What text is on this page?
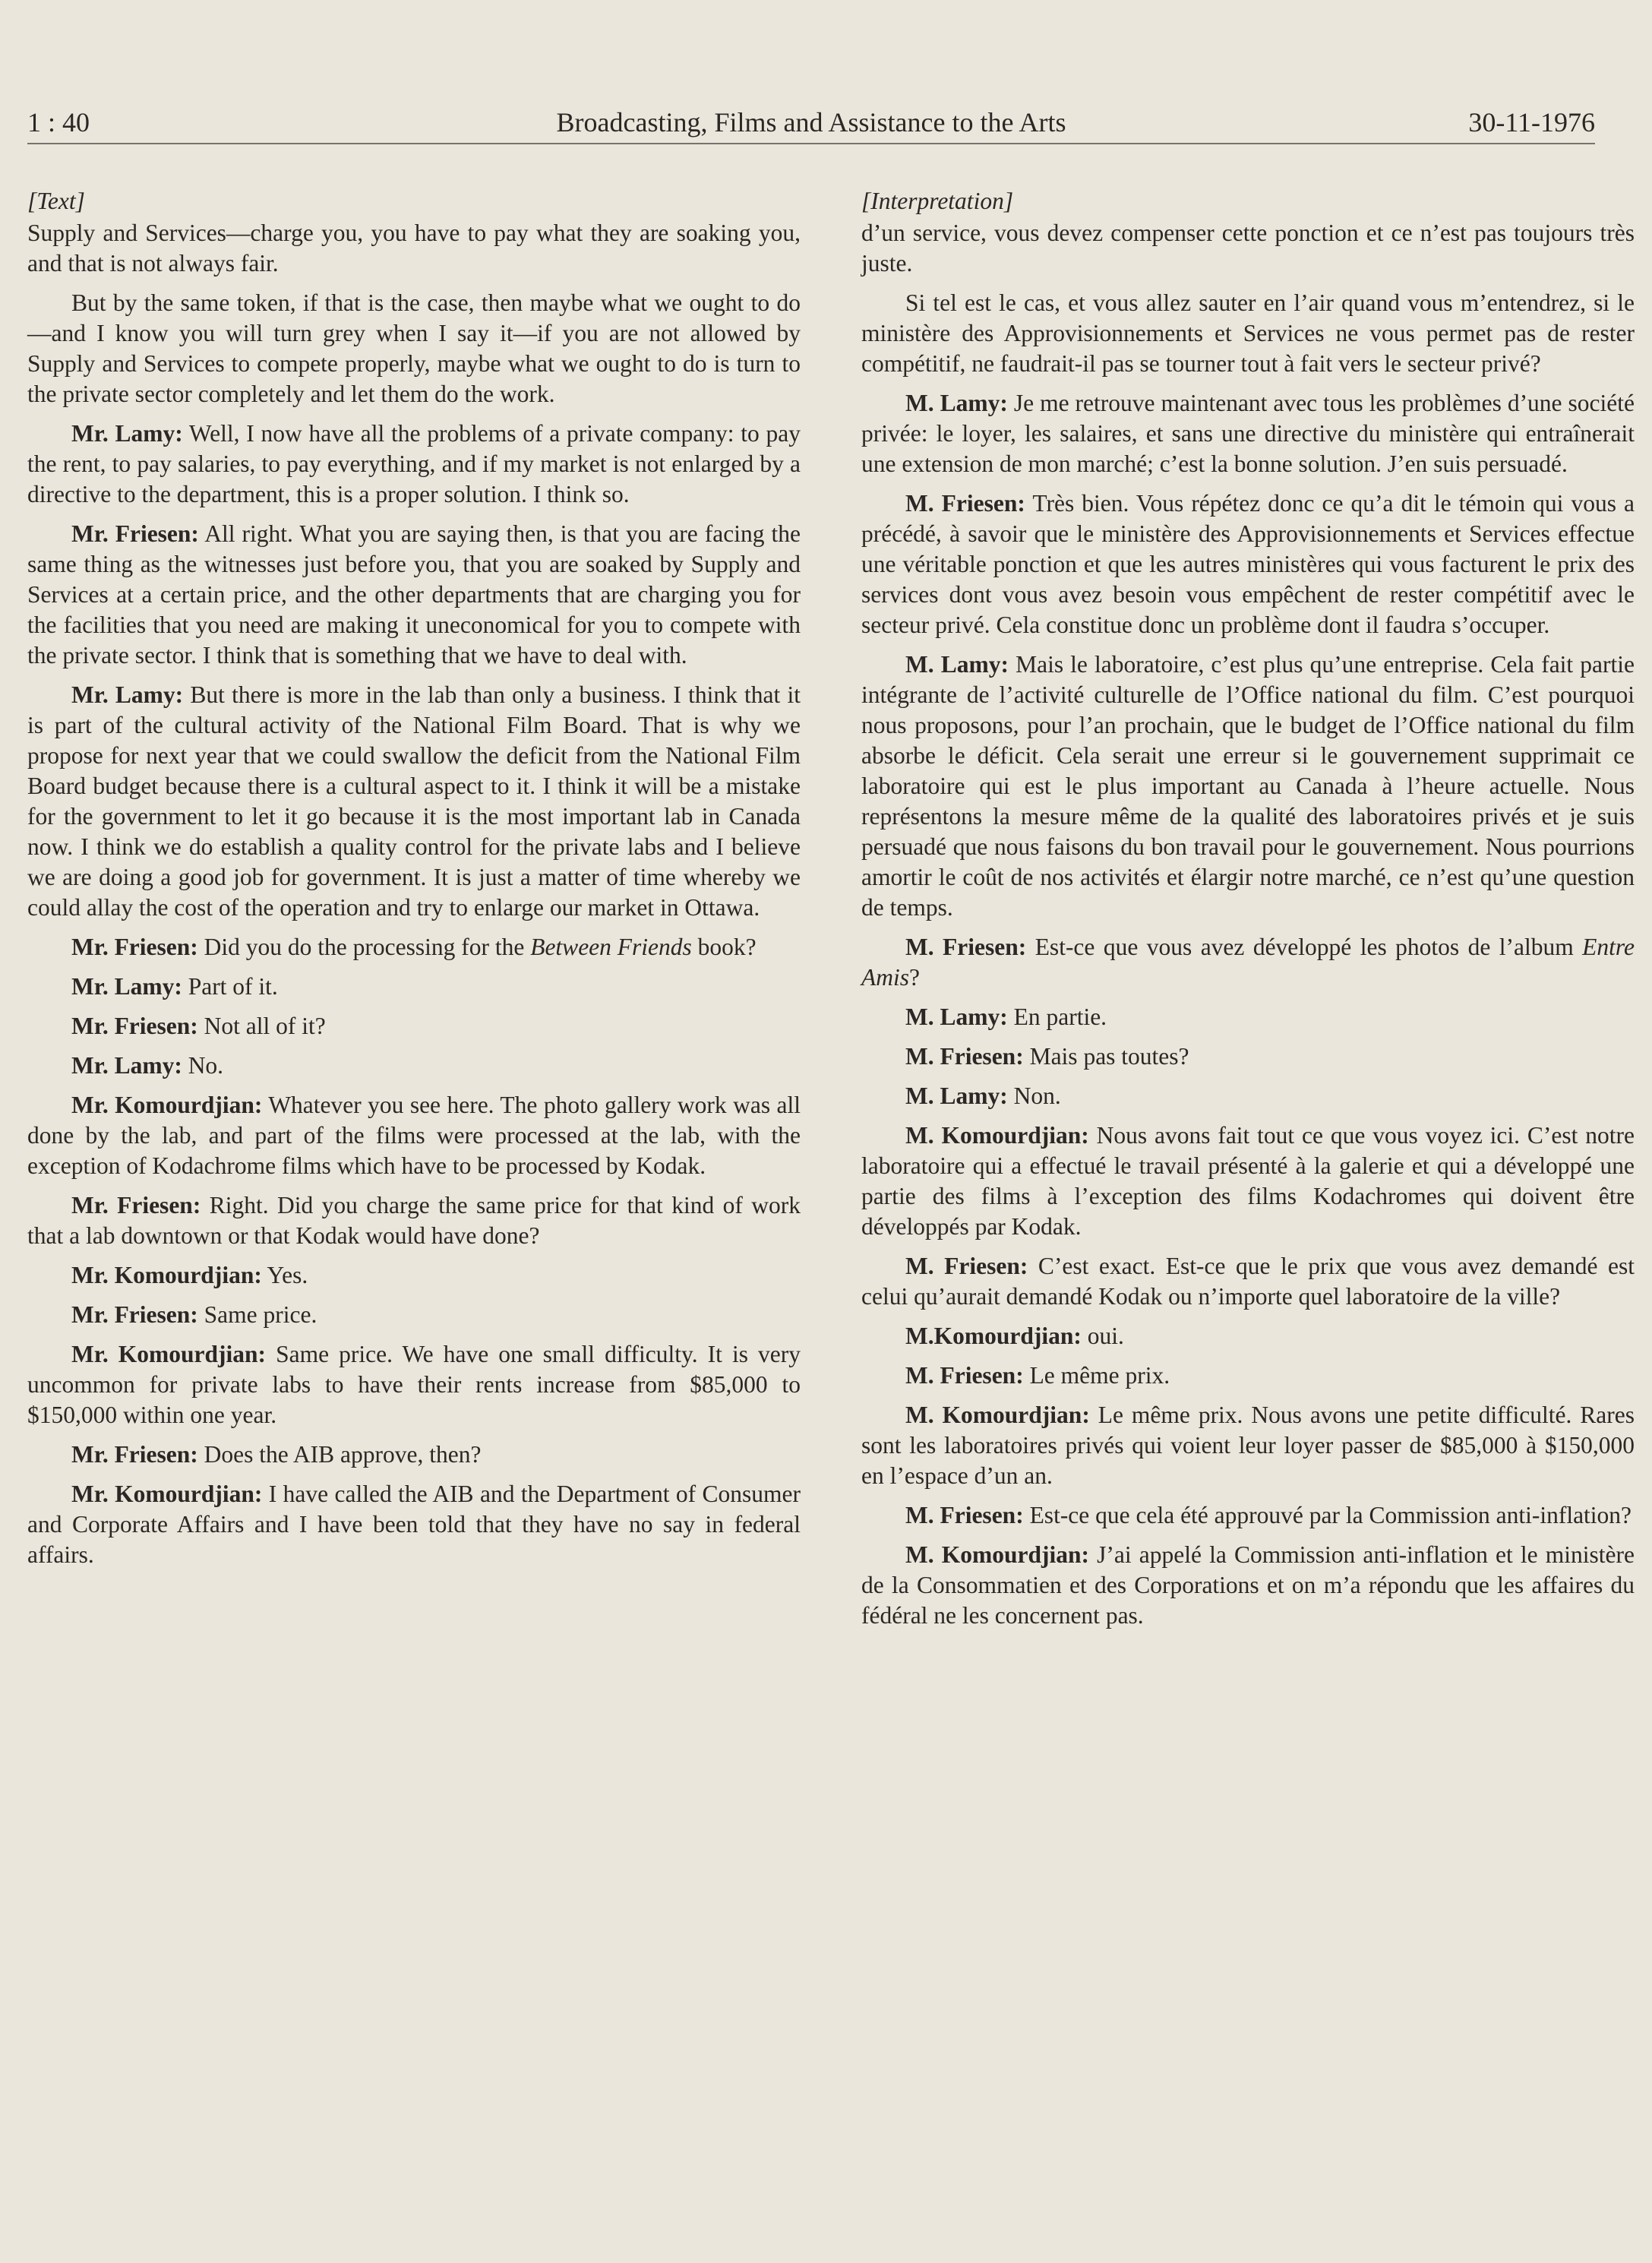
1 : 40	Broadcasting, Films and Assistance to the Arts	30-11-1976

[Text]

Supply and Services—charge you, you have to pay what they are soaking you, and that is not always fair.

But by the same token, if that is the case, then maybe what we ought to do—and I know you will turn grey when I say it—if you are not allowed by Supply and Services to compete properly, maybe what we ought to do is turn to the private sector completely and let them do the work.

Mr. Lamy: Well, I now have all the problems of a private company: to pay the rent, to pay salaries, to pay everything, and if my market is not enlarged by a directive to the department, this is a proper solution. I think so.

Mr. Friesen: All right. What you are saying then, is that you are facing the same thing as the witnesses just before you, that you are soaked by Supply and Services at a certain price, and the other departments that are charging you for the facilities that you need are making it uneconomical for you to compete with the private sector. I think that is something that we have to deal with.

Mr. Lamy: But there is more in the lab than only a business. I think that it is part of the cultural activity of the National Film Board. That is why we propose for next year that we could swallow the deficit from the National Film Board budget because there is a cultural aspect to it. I think it will be a mistake for the government to let it go because it is the most important lab in Canada now. I think we do establish a quality control for the private labs and I believe we are doing a good job for government. It is just a matter of time whereby we could allay the cost of the operation and try to enlarge our market in Ottawa.

Mr. Friesen: Did you do the processing for the Between Friends book?

Mr. Lamy: Part of it.

Mr. Friesen: Not all of it?

Mr. Lamy: No.

Mr. Komourdjian: Whatever you see here. The photo gallery work was all done by the lab, and part of the films were processed at the lab, with the exception of Kodachrome films which have to be processed by Kodak.

Mr. Friesen: Right. Did you charge the same price for that kind of work that a lab downtown or that Kodak would have done?

Mr. Komourdjian: Yes.

Mr. Friesen: Same price.

Mr. Komourdjian: Same price. We have one small difficulty. It is very uncommon for private labs to have their rents increase from $85,000 to $150,000 within one year.

Mr. Friesen: Does the AIB approve, then?

Mr. Komourdjian: I have called the AIB and the Department of Consumer and Corporate Affairs and I have been told that they have no say in federal affairs.

[Interpretation]

d’un service, vous devez compenser cette ponction et ce n’est pas toujours très juste.

Si tel est le cas, et vous allez sauter en l’air quand vous m’entendrez, si le ministère des Approvisionnements et Services ne vous permet pas de rester compétitif, ne faudrait-il pas se tourner tout à fait vers le secteur privé?

M. Lamy: Je me retrouve maintenant avec tous les problèmes d’une société privée: le loyer, les salaires, et sans une directive du ministère qui entraînerait une extension de mon marché; c’est la bonne solution. J’en suis persuadé.

M. Friesen: Très bien. Vous répétez donc ce qu’a dit le témoin qui vous a précédé, à savoir que le ministère des Approvisionnements et Services effectue une véritable ponction et que les autres ministères qui vous facturent le prix des services dont vous avez besoin vous empêchent de rester compétitif avec le secteur privé. Cela constitue donc un problème dont il faudra s’occuper.

M. Lamy: Mais le laboratoire, c’est plus qu’une entreprise. Cela fait partie intégrante de l’activité culturelle de l’Office national du film. C’est pourquoi nous proposons, pour l’an prochain, que le budget de l’Office national du film absorbe le déficit. Cela serait une erreur si le gouvernement supprimait ce laboratoire qui est le plus important au Canada à l’heure actuelle. Nous représentons la mesure même de la qualité des laboratoires privés et je suis persuadé que nous faisons du bon travail pour le gouvernement. Nous pourrions amortir le coût de nos activités et élargir notre marché, ce n’est qu’une question de temps.

M. Friesen: Est-ce que vous avez développé les photos de l’album Entre Amis?

M. Lamy: En partie.

M. Friesen: Mais pas toutes?

M. Lamy: Non.

M. Komourdjian: Nous avons fait tout ce que vous voyez ici. C’est notre laboratoire qui a effectué le travail présenté à la galerie et qui a développé une partie des films à l’exception des films Kodachromes qui doivent être développés par Kodak.

M. Friesen: C’est exact. Est-ce que le prix que vous avez demandé est celui qu’aurait demandé Kodak ou n’importe quel laboratoire de la ville?

M.Komourdjian: oui.

M. Friesen: Le même prix.

M. Komourdjian: Le même prix. Nous avons une petite difficulté. Rares sont les laboratoires privés qui voient leur loyer passer de $85,000 à $150,000 en l’espace d’un an.

M. Friesen: Est-ce que cela été approuvé par la Commission anti-inflation?

M. Komourdjian: J’ai appelé la Commission anti-inflation et le ministère de la Consommatien et des Corporations et on m’a répondu que les affaires du fédéral ne les concernent pas.
